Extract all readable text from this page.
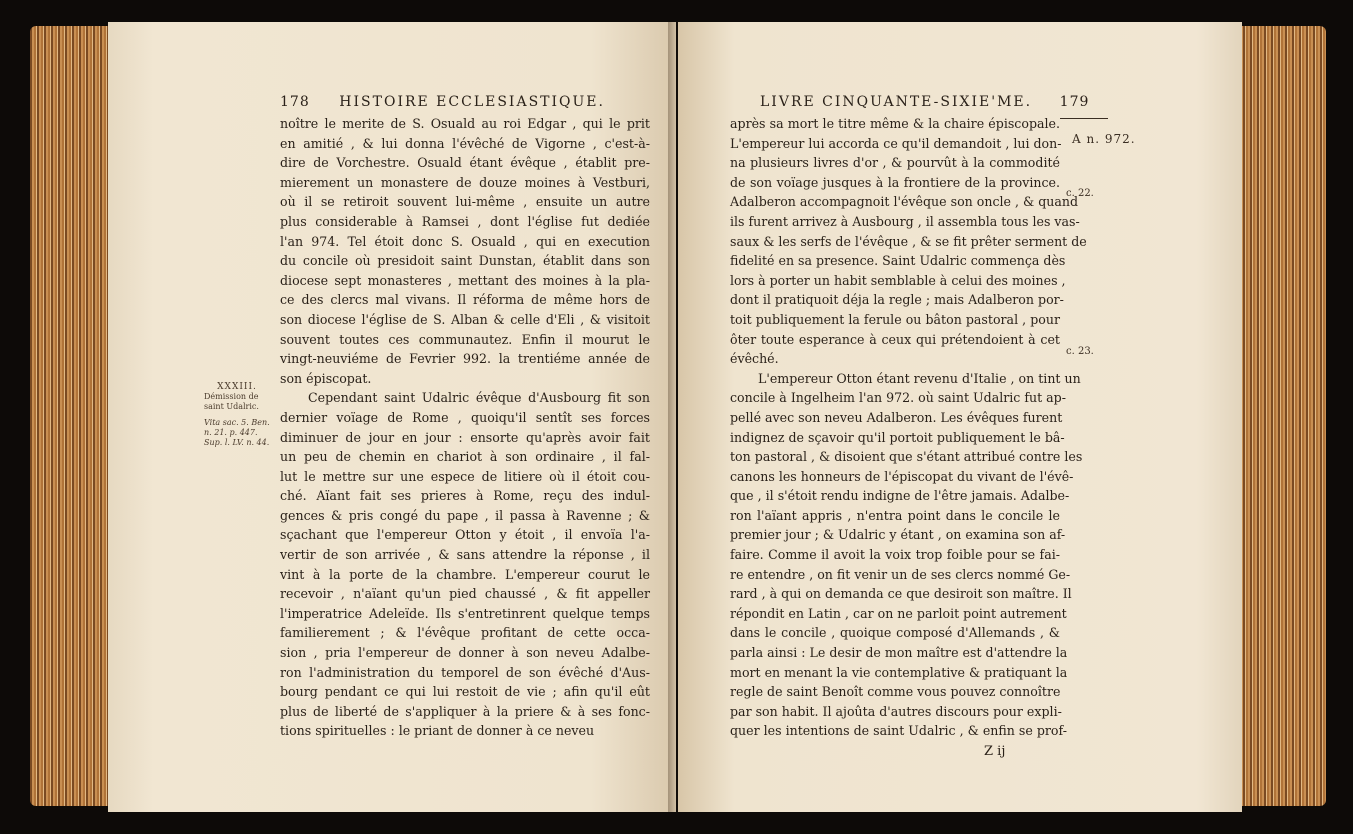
178 HISTOIRE ECCLESIASTIQUE.
XXXIII.
Démission de saint Udalric.
Vita sac. 5. Ben.
n. 21. p. 447.
Sup. l. LV. n. 44.
noître le merite de S. Osuald au roi Edgar , qui le prit
en amitié , & lui donna l'évêché de Vigorne , c'est-à-
dire de Vorchestre. Osuald étant évêque , établit pre-
mierement un monastere de douze moines à Vestburi,
où il se retiroit souvent lui-même , ensuite un autre
plus considerable à Ramsei , dont l'église fut dediée
l'an 974. Tel étoit donc S. Osuald , qui en execution
du concile où presidoit saint Dunstan, établit dans son
diocese sept monasteres , mettant des moines à la pla-
ce des clercs mal vivans. Il réforma de même hors de
son diocese l'église de S. Alban & celle d'Eli , & visitoit
souvent toutes ces communautez. Enfin il mourut le
vingt-neuviéme de Fevrier 992. la trentiéme année de
son épiscopat.
Cependant saint Udalric évêque d'Ausbourg fit son
dernier voïage de Rome , quoiqu'il sentît ses forces
diminuer de jour en jour : ensorte qu'après avoir fait
un peu de chemin en chariot à son ordinaire , il fal-
lut le mettre sur une espece de litiere où il étoit cou-
ché. Aïant fait ses prieres à Rome, reçu des indul-
gences & pris congé du pape , il passa à Ravenne ; &
sçachant que l'empereur Otton y étoit , il envoïa l'a-
vertir de son arrivée , & sans attendre la réponse , il
vint à la porte de la chambre. L'empereur courut le
recevoir , n'aïant qu'un pied chaussé , & fit appeller
l'imperatrice Adeleïde. Ils s'entretinrent quelque temps
familierement ; & l'évêque profitant de cette occa-
sion , pria l'empereur de donner à son neveu Adalbe-
ron l'administration du temporel de son évêché d'Aus-
bourg pendant ce qui lui restoit de vie ; afin qu'il eût
plus de liberté de s'appliquer à la priere & à ses fonc-
tions spirituelles : le priant de donner à ce neveu
LIVRE CINQUANTE-SIXIE'ME. 179
après sa mort le titre même & la chaire épiscopale.
L'empereur lui accorda ce qu'il demandoit , lui don-
na plusieurs livres d'or , & pourvût à la commodité
de son voïage jusques à la frontiere de la province.
Adalberon accompagnoit l'évêque son oncle , & quand
ils furent arrivez à Ausbourg , il assembla tous les vas-
saux & les serfs de l'évêque , & se fit prêter serment de
fidelité en sa presence. Saint Udalric commença dès
lors à porter un habit semblable à celui des moines ,
dont il pratiquoit déja la regle ; mais Adalberon por-
toit publiquement la ferule ou bâton pastoral , pour
ôter toute esperance à ceux qui prétendoient à cet
évêché.
L'empereur Otton étant revenu d'Italie , on tint un
concile à Ingelheim l'an 972. où saint Udalric fut ap-
pellé avec son neveu Adalberon. Les évêques furent
indignez de sçavoir qu'il portoit publiquement le bâ-
ton pastoral , & disoient que s'étant attribué contre les
canons les honneurs de l'épiscopat du vivant de l'évê-
que , il s'étoit rendu indigne de l'être jamais. Adalbe-
ron l'aïant appris , n'entra point dans le concile le
premier jour ; & Udalric y étant , on examina son af-
faire. Comme il avoit la voix trop foible pour se fai-
re entendre , on fit venir un de ses clercs nommé Ge-
rard , à qui on demanda ce que desiroit son maître. Il
répondit en Latin , car on ne parloit point autrement
dans le concile , quoique composé d'Allemands , &
parla ainsi : Le desir de mon maître est d'attendre la
mort en menant la vie contemplative & pratiquant la
regle de saint Benoît comme vous pouvez connoître
par son habit. Il ajoûta d'autres discours pour expli-
quer les intentions de saint Udalric , & enfin se prof-
A n. 972.
c. 22.
c. 23.
Z ij
